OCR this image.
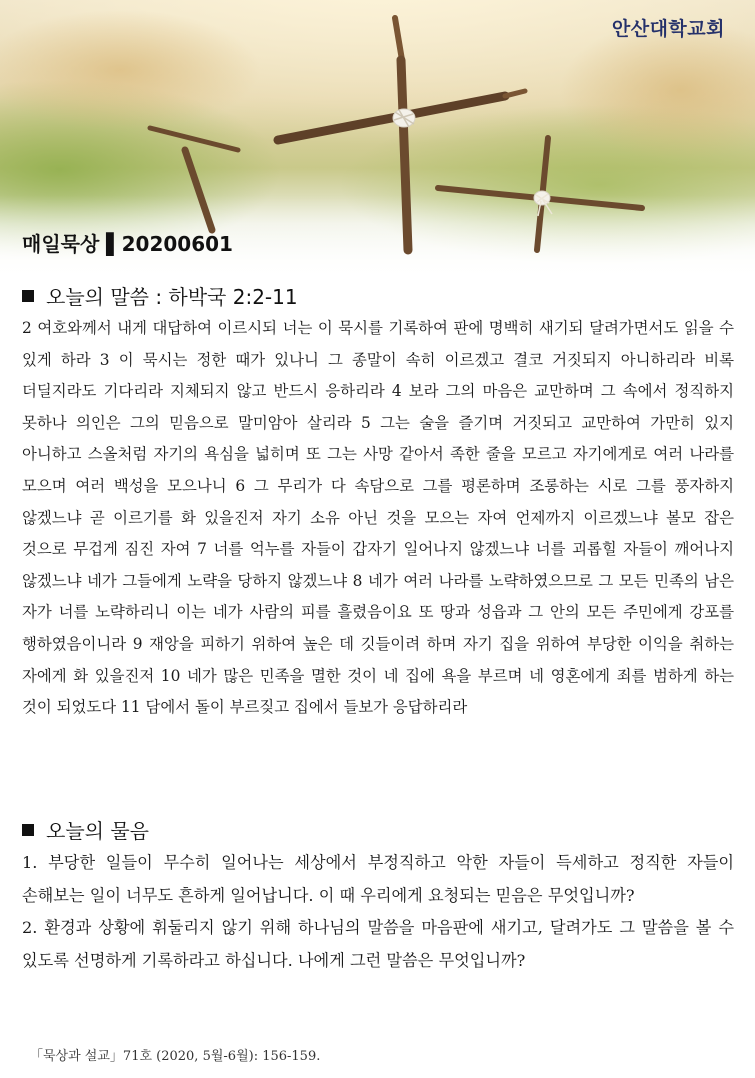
안산대학교회
매일묵상 ▌20200601
오늘의 말씀 : 하박국 2:2-11
2 여호와께서 내게 대답하여 이르시되 너는 이 묵시를 기록하여 판에 명백히 새기되 달려가면서도 읽을 수 있게 하라 3 이 묵시는 정한 때가 있나니 그 종말이 속히 이르겠고 결코 거짓되지 아니하리라 비록 더딜지라도 기다리라 지체되지 않고 반드시 응하리라 4 보라 그의 마음은 교만하며 그 속에서 정직하지 못하나 의인은 그의 믿음으로 말미암아 살리라 5 그는 술을 즐기며 거짓되고 교만하여 가만히 있지 아니하고 스올처럼 자기의 욕심을 넓히며 또 그는 사망 같아서 족한 줄을 모르고 자기에게로 여러 나라를 모으며 여러 백성을 모으나니 6 그 무리가 다 속담으로 그를 평론하며 조롱하는 시로 그를 풍자하지 않겠느냐 곧 이르기를 화 있을진저 자기 소유 아닌 것을 모으는 자여 언제까지 이르겠느냐 볼모 잡은 것으로 무겁게 짐진 자여 7 너를 억누를 자들이 갑자기 일어나지 않겠느냐 너를 괴롭힐 자들이 깨어나지 않겠느냐 네가 그들에게 노략을 당하지 않겠느냐 8 네가 여러 나라를 노략하였으므로 그 모든 민족의 남은 자가 너를 노략하리니 이는 네가 사람의 피를 흘렸음이요 또 땅과 성읍과 그 안의 모든 주민에게 강포를 행하였음이니라 9 재앙을 피하기 위하여 높은 데 깃들이려 하며 자기 집을 위하여 부당한 이익을 취하는 자에게 화 있을진저 10 네가 많은 민족을 멸한 것이 네 집에 욕을 부르며 네 영혼에게 죄를 범하게 하는 것이 되었도다 11 담에서 돌이 부르짖고 집에서 들보가 응답하리라
오늘의 물음

1. 부당한 일들이 무수히 일어나는 세상에서 부정직하고 악한 자들이 득세하고 정직한 자들이 손해보는 일이 너무도 흔하게 일어납니다. 이 때 우리에게 요청되는 믿음은 무엇입니까?

2. 환경과 상황에 휘둘리지 않기 위해 하나님의 말씀을 마음판에 새기고, 달려가도 그 말씀을 볼 수 있도록 선명하게 기록하라고 하십니다. 나에게 그런 말씀은 무엇입니까?

「묵상과 설교」71호 (2020, 5월-6월): 156-159.
